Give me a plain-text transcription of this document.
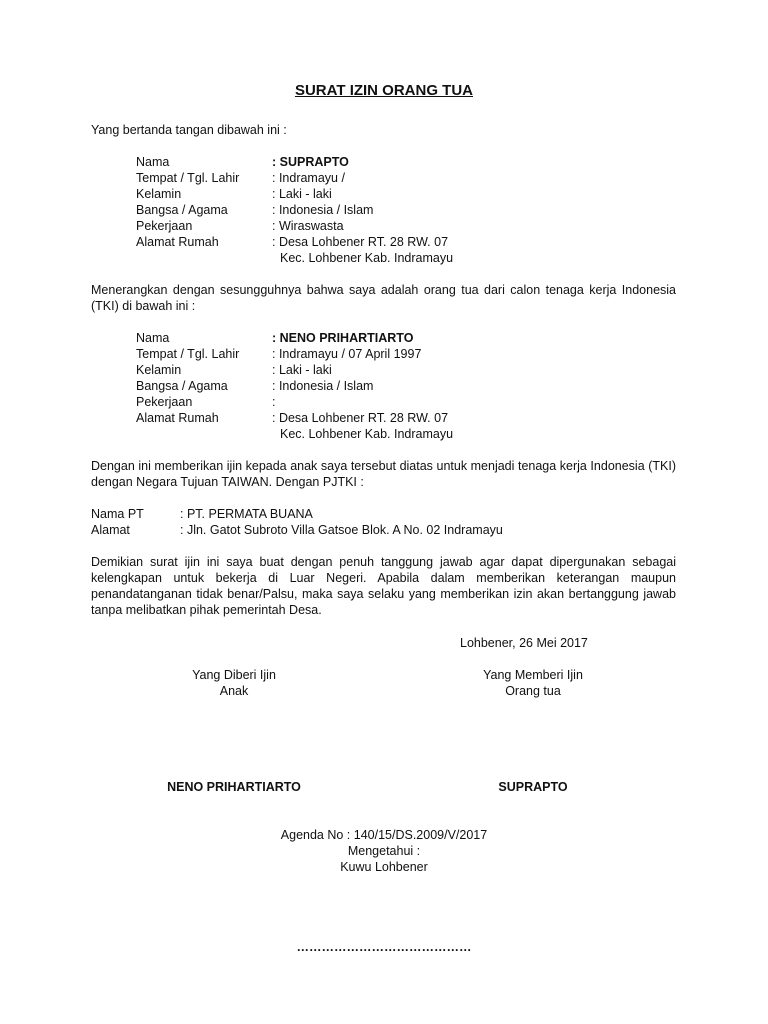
SURAT IZIN ORANG TUA
Yang bertanda tangan dibawah ini :
Nama	: SUPRAPTO
Tempat / Tgl. Lahir	: Indramayu /
Kelamin	: Laki - laki
Bangsa / Agama	: Indonesia / Islam
Pekerjaan	: Wiraswasta
Alamat Rumah	: Desa Lohbener RT. 28 RW. 07
Kec. Lohbener Kab. Indramayu
Menerangkan dengan sesungguhnya bahwa saya adalah orang tua dari calon tenaga kerja Indonesia (TKI) di bawah ini :
Nama	: NENO PRIHARTIARTO
Tempat / Tgl. Lahir	: Indramayu / 07 April 1997
Kelamin	: Laki - laki
Bangsa / Agama	: Indonesia / Islam
Pekerjaan	:
Alamat Rumah	: Desa Lohbener RT. 28 RW. 07
Kec. Lohbener Kab. Indramayu
Dengan ini memberikan ijin kepada anak saya tersebut diatas untuk menjadi tenaga kerja Indonesia (TKI) dengan Negara Tujuan TAIWAN. Dengan PJTKI :
Nama PT	: PT. PERMATA BUANA
Alamat	: Jln. Gatot Subroto Villa Gatsoe Blok. A No. 02 Indramayu
Demikian surat ijin ini saya buat dengan penuh tanggung jawab agar dapat dipergunakan sebagai kelengkapan untuk bekerja di Luar Negeri. Apabila dalam memberikan keterangan maupun penandatanganan tidak benar/Palsu, maka saya selaku yang memberikan izin akan bertanggung jawab tanpa melibatkan pihak pemerintah Desa.
Lohbener, 26 Mei 2017
Yang Diberi Ijin
Anak
Yang Memberi Ijin
Orang tua
NENO PRIHARTIARTO	SUPRAPTO
Agenda No : 140/15/DS.2009/V/2017
Mengetahui :
Kuwu Lohbener
……………………………………
